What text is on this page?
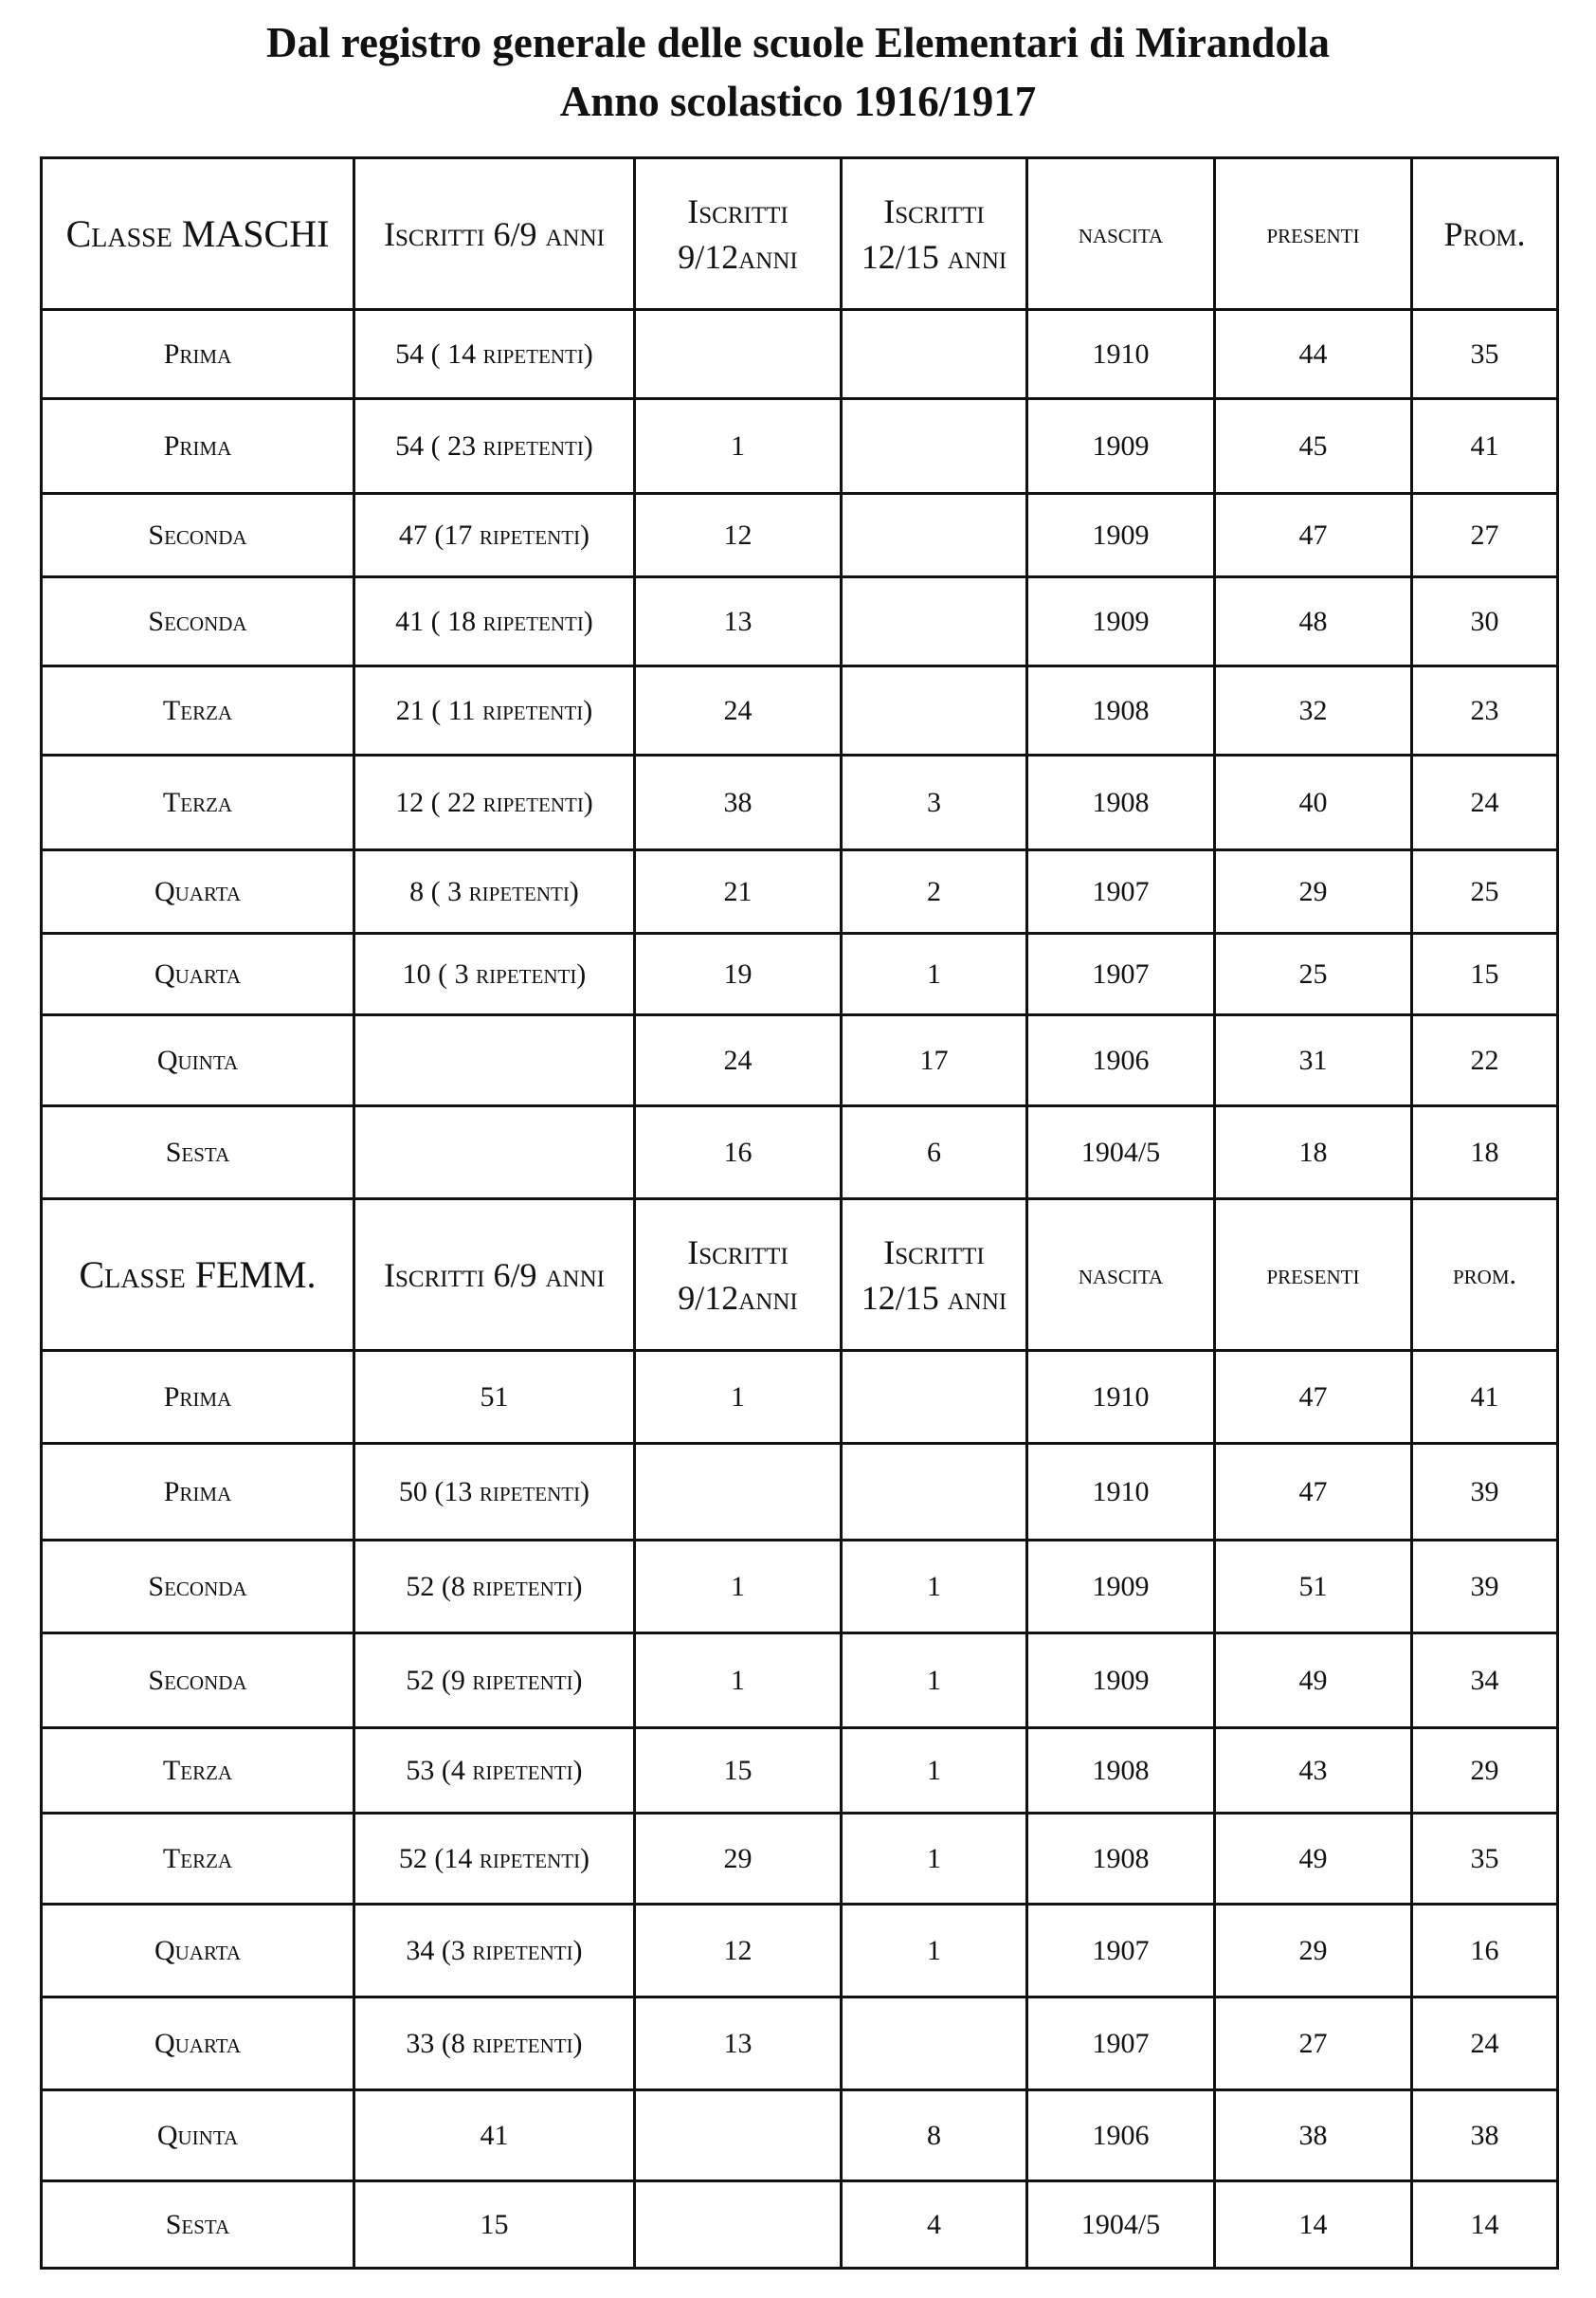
Dal registro generale delle scuole Elementari di Mirandola
Anno scolastico 1916/1917
Classe MASCHI	Iscritti 6/9 anni	Iscritti 9/12anni	Iscritti 12/15 anni	nascita	presenti	Prom.
Prima	54 ( 14 ripetenti)			1910	44	35
Prima	54 ( 23 ripetenti)	1		1909	45	41
Seconda	47 (17 ripetenti)	12		1909	47	27
Seconda	41 ( 18 ripetenti)	13		1909	48	30
Terza	21 ( 11 ripetenti)	24		1908	32	23
Terza	12 ( 22 ripetenti)	38	3	1908	40	24
Quarta	8 ( 3 ripetenti)	21	2	1907	29	25
Quarta	10 ( 3 ripetenti)	19	1	1907	25	15
Quinta		24	17	1906	31	22
Sesta		16	6	1904/5	18	18
Classe FEMM.	Iscritti 6/9 anni	Iscritti 9/12anni	Iscritti 12/15 anni	nascita	presenti	prom.
Prima	51	1		1910	47	41
Prima	50 (13 ripetenti)			1910	47	39
Seconda	52 (8 ripetenti)	1	1	1909	51	39
Seconda	52 (9 ripetenti)	1	1	1909	49	34
Terza	53 (4 ripetenti)	15	1	1908	43	29
Terza	52 (14 ripetenti)	29	1	1908	49	35
Quarta	34 (3 ripetenti)	12	1	1907	29	16
Quarta	33 (8 ripetenti)	13		1907	27	24
Quinta	41		8	1906	38	38
Sesta	15		4	1904/5	14	14
